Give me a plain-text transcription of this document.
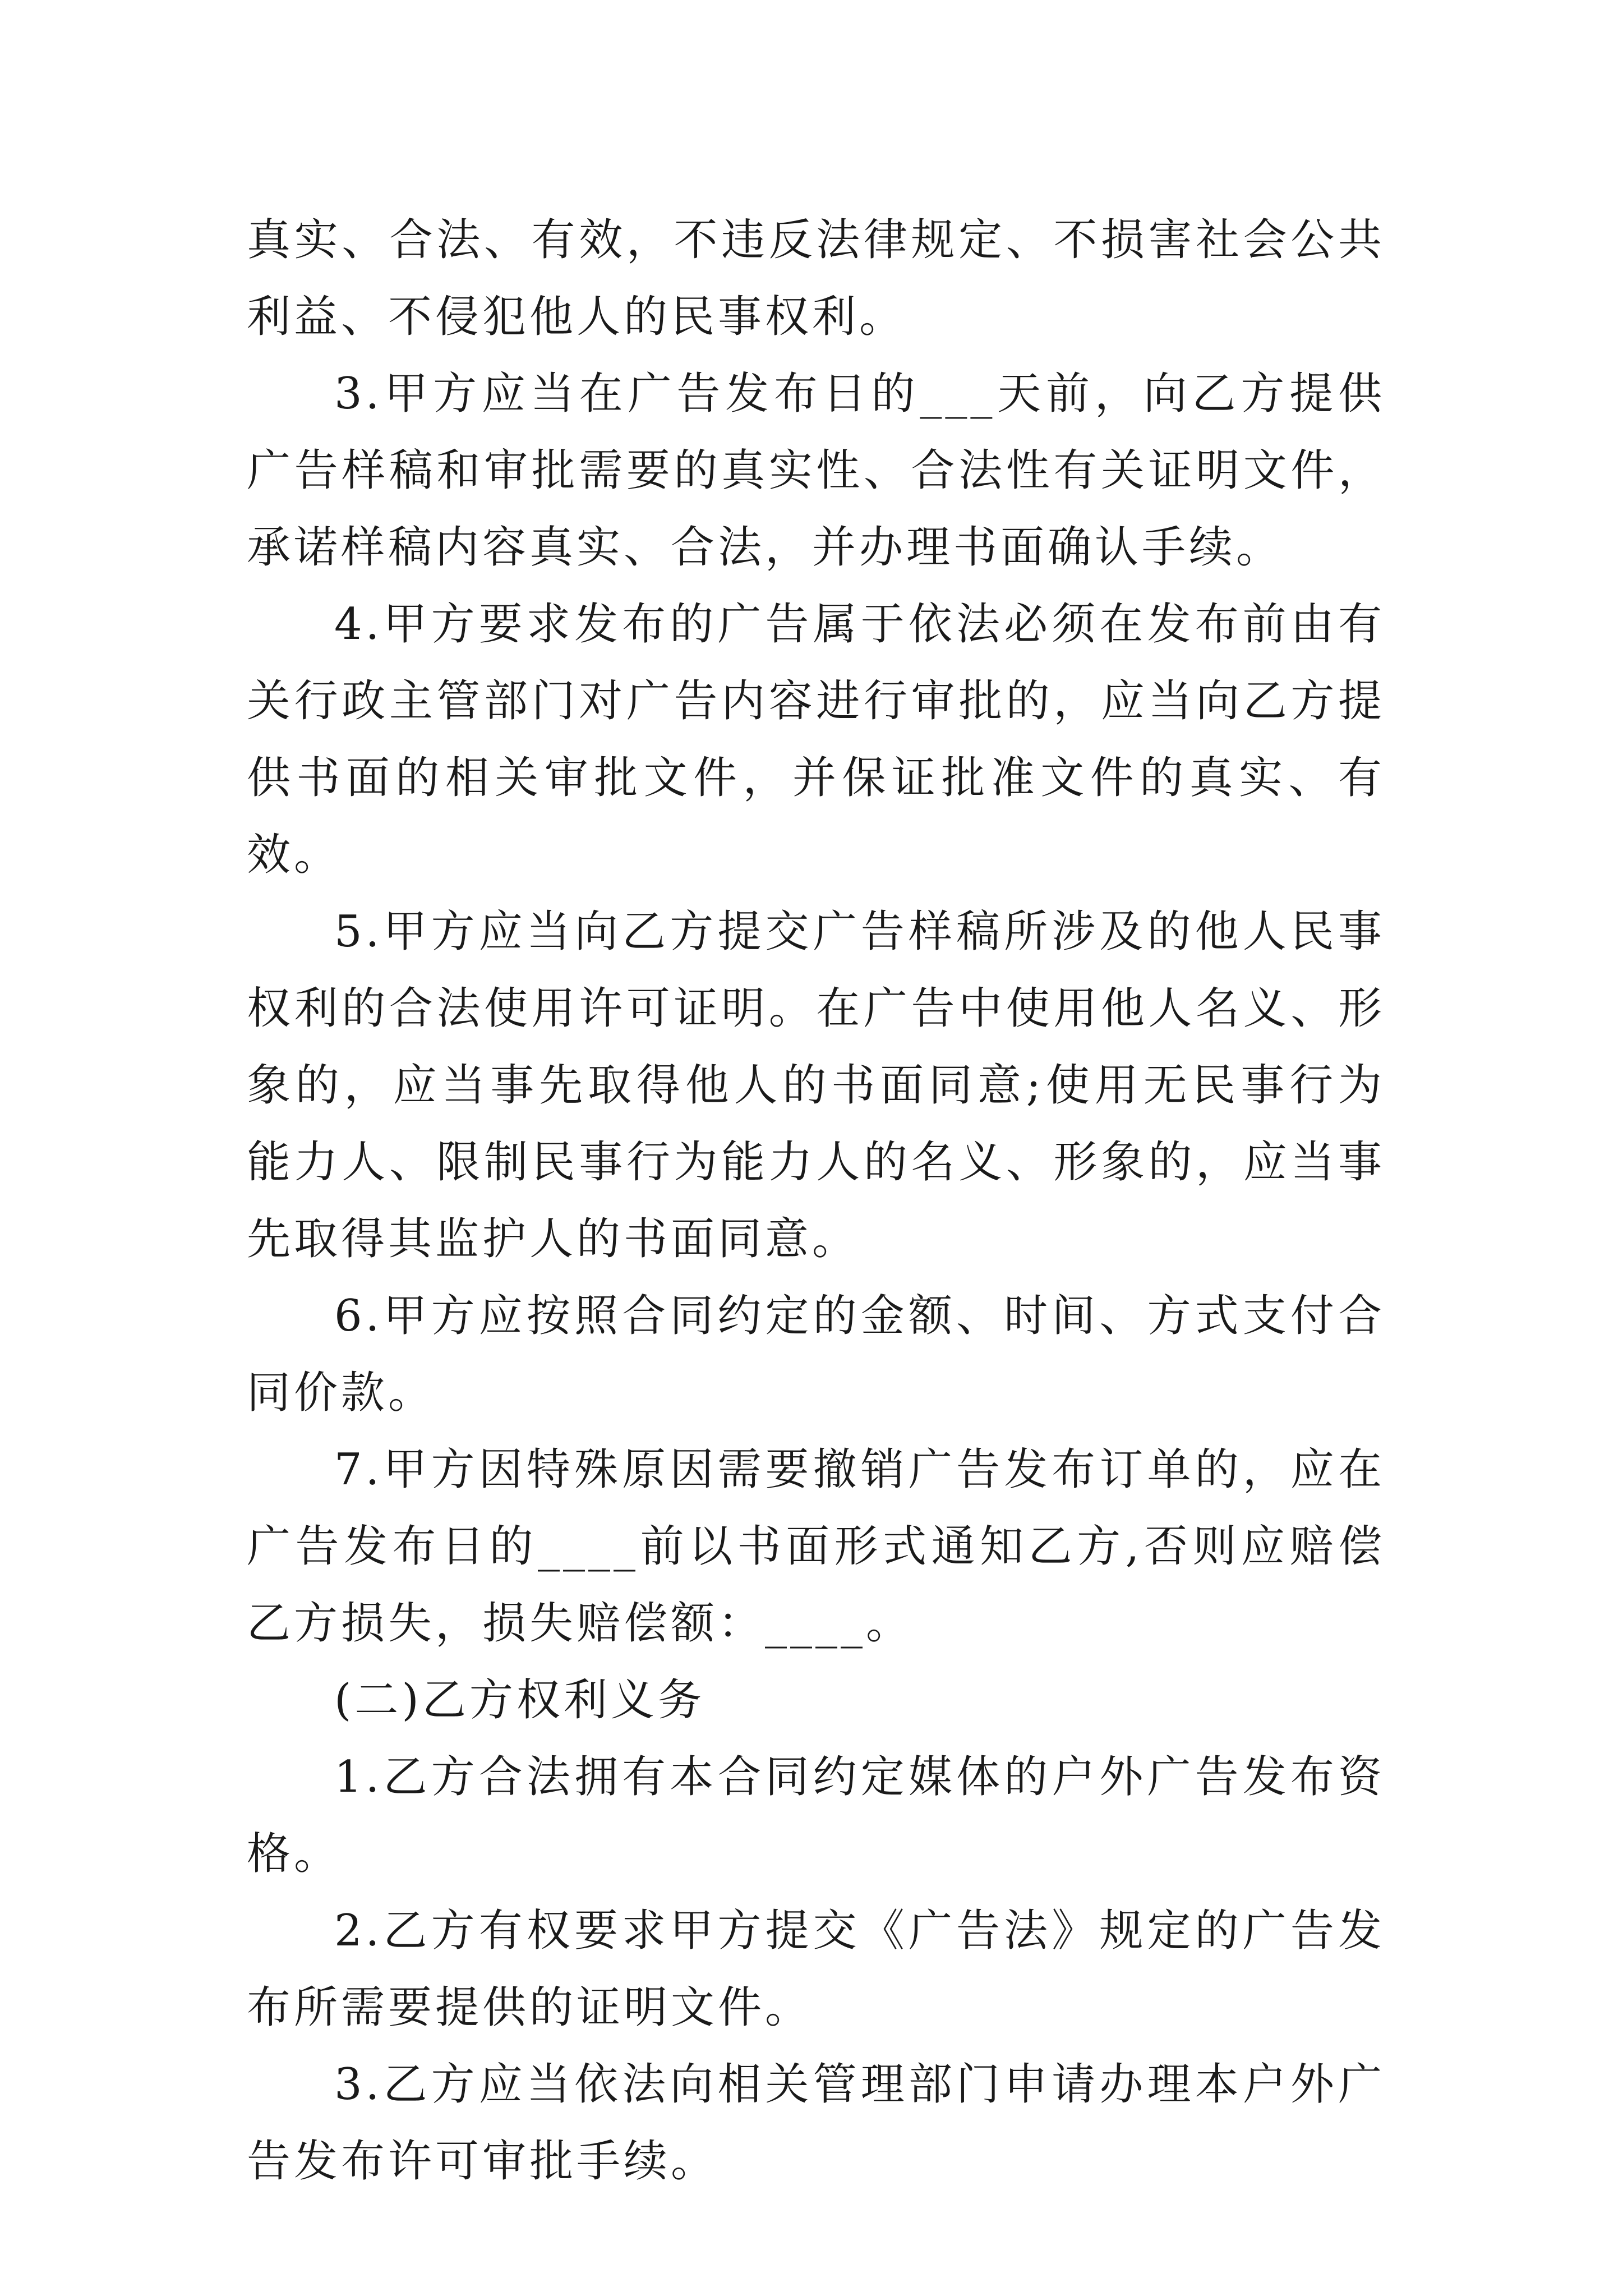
真实、合法、有效，不违反法律规定、不损害社会公共利益、不侵犯他人的民事权利。

3.甲方应当在广告发布日的___天前，向乙方提供广告样稿和审批需要的真实性、合法性有关证明文件，承诺样稿内容真实、合法，并办理书面确认手续。

4.甲方要求发布的广告属于依法必须在发布前由有关行政主管部门对广告内容进行审批的，应当向乙方提供书面的相关审批文件，并保证批准文件的真实、有效。

5.甲方应当向乙方提交广告样稿所涉及的他人民事权利的合法使用许可证明。在广告中使用他人名义、形象的，应当事先取得他人的书面同意;使用无民事行为能力人、限制民事行为能力人的名义、形象的，应当事先取得其监护人的书面同意。

6.甲方应按照合同约定的金额、时间、方式支付合同价款。

7.甲方因特殊原因需要撤销广告发布订单的，应在广告发布日的____前以书面形式通知乙方,否则应赔偿乙方损失，损失赔偿额：____。

(二)乙方权利义务

1.乙方合法拥有本合同约定媒体的户外广告发布资格。

2.乙方有权要求甲方提交《广告法》规定的广告发布所需要提供的证明文件。

3.乙方应当依法向相关管理部门申请办理本户外广告发布许可审批手续。
